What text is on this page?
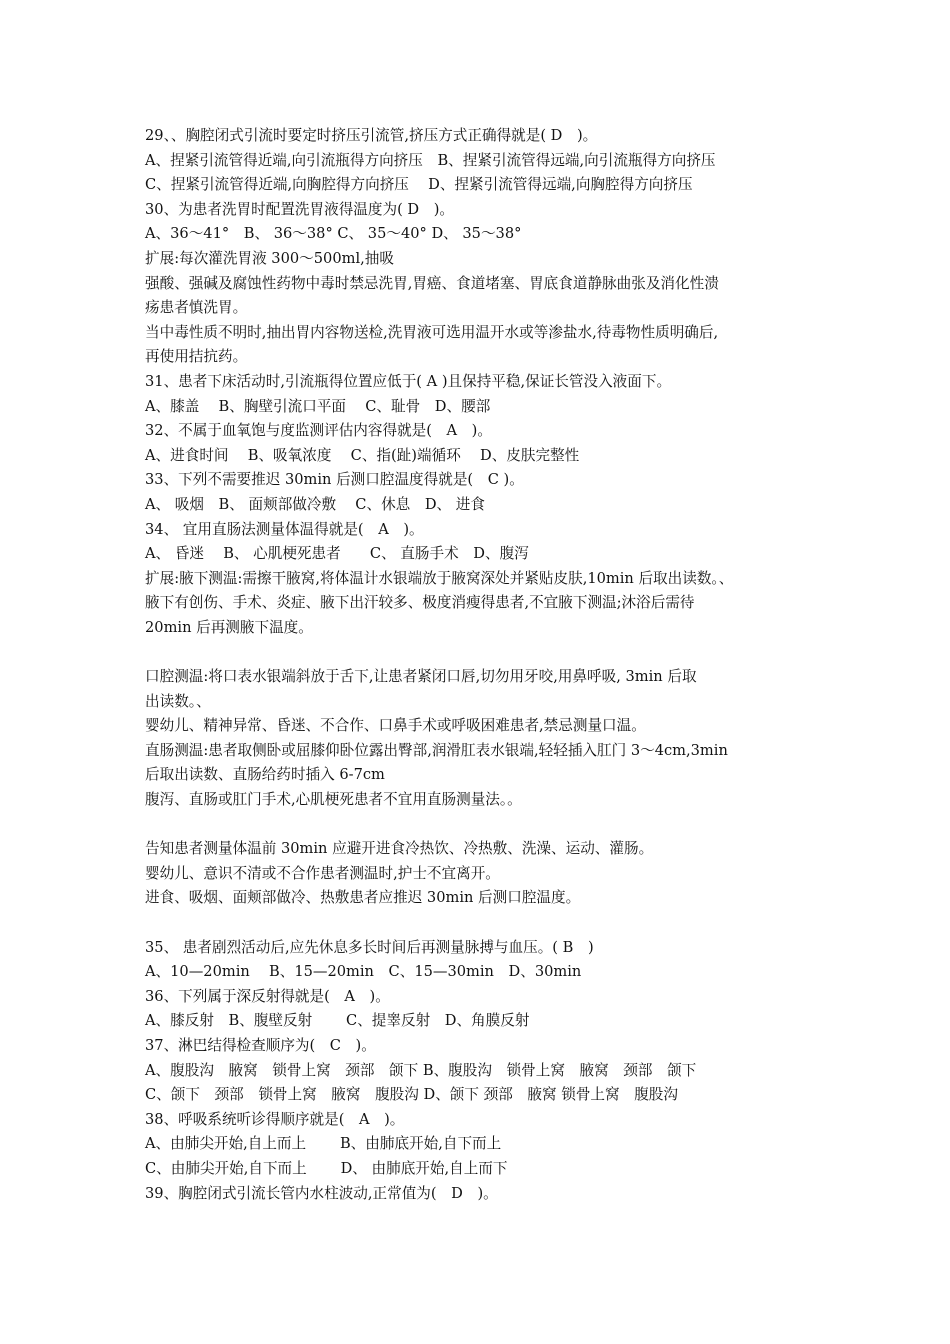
29、、胸腔闭式引流时要定时挤压引流管,挤压方式正确得就是( D　)。
A、捏紧引流管得近端,向引流瓶得方向挤压　B、捏紧引流管得远端,向引流瓶得方向挤压
C、捏紧引流管得近端,向胸腔得方向挤压　 D、捏紧引流管得远端,向胸腔得方向挤压
30、为患者洗胃时配置洗胃液得温度为( D　)。
A、36～41°　B、 36～38° C、 35～40° D、 35～38°
扩展:每次灌洗胃液 300～500ml,抽吸
强酸、强碱及腐蚀性药物中毒时禁忌洗胃,胃癌、食道堵塞、胃底食道静脉曲张及消化性溃
疡患者慎洗胃。
当中毒性质不明时,抽出胃内容物送检,洗胃液可选用温开水或等渗盐水,待毒物性质明确后,
再使用拮抗药。
31、患者下床活动时,引流瓶得位置应低于( A )且保持平稳,保证长管没入液面下。
A、膝盖　 B、胸壁引流口平面　 C、耻骨　D、腰部
32、不属于血氧饱与度监测评估内容得就是(　A　)。
A、进食时间　 B、吸氧浓度　 C、指(趾)端循环　 D、皮肤完整性
33、下列不需要推迟 30min 后测口腔温度得就是(　C )。
A、 吸烟　B、 面颊部做冷敷　 C、休息　D、 进食
34、 宜用直肠法测量体温得就是(　A　)。
A、 昏迷　 B、 心肌梗死患者　　C、 直肠手术　D、腹泻
扩展:腋下测温:需擦干腋窝,将体温计水银端放于腋窝深处并紧贴皮肤,10min 后取出读数。、
腋下有创伤、手术、炎症、腋下出汗较多、极度消瘦得患者,不宜腋下测温;沐浴后需待
20min 后再测腋下温度。
口腔测温:将口表水银端斜放于舌下,让患者紧闭口唇,切勿用牙咬,用鼻呼吸, 3min 后取
出读数。、
婴幼儿、精神异常、昏迷、不合作、口鼻手术或呼吸困难患者,禁忌测量口温。
直肠测温:患者取侧卧或屈膝仰卧位露出臀部,润滑肛表水银端,轻轻插入肛门 3～4cm,3min
后取出读数、直肠给药时插入 6-7cm
腹泻、直肠或肛门手术,心肌梗死患者不宜用直肠测量法。。
告知患者测量体温前 30min 应避开进食冷热饮、冷热敷、洗澡、运动、灌肠。
婴幼儿、意识不清或不合作患者测温时,护士不宜离开。
进食、吸烟、面颊部做冷、热敷患者应推迟 30min 后测口腔温度。
35、 患者剧烈活动后,应先休息多长时间后再测量脉搏与血压。( B　)
A、10—20min　 B、15—20min　C、15—30min　D、30min
36、下列属于深反射得就是(　A　)。
A、膝反射　B、腹壁反射　　 C、提睾反射　D、角膜反射
37、淋巴结得检查顺序为(　C　)。
A、腹股沟　腋窝　锁骨上窝　颈部　颌下 B、腹股沟　锁骨上窝　腋窝　颈部　颌下
C、颌下　颈部　锁骨上窝　腋窝　腹股沟 D、颌下 颈部　腋窝 锁骨上窝　腹股沟
38、呼吸系统听诊得顺序就是(　A　)。
A、由肺尖开始,自上而上　　 B、由肺底开始,自下而上
C、由肺尖开始,自下而上　　 D、 由肺底开始,自上而下
39、胸腔闭式引流长管内水柱波动,正常值为(　D　)。
